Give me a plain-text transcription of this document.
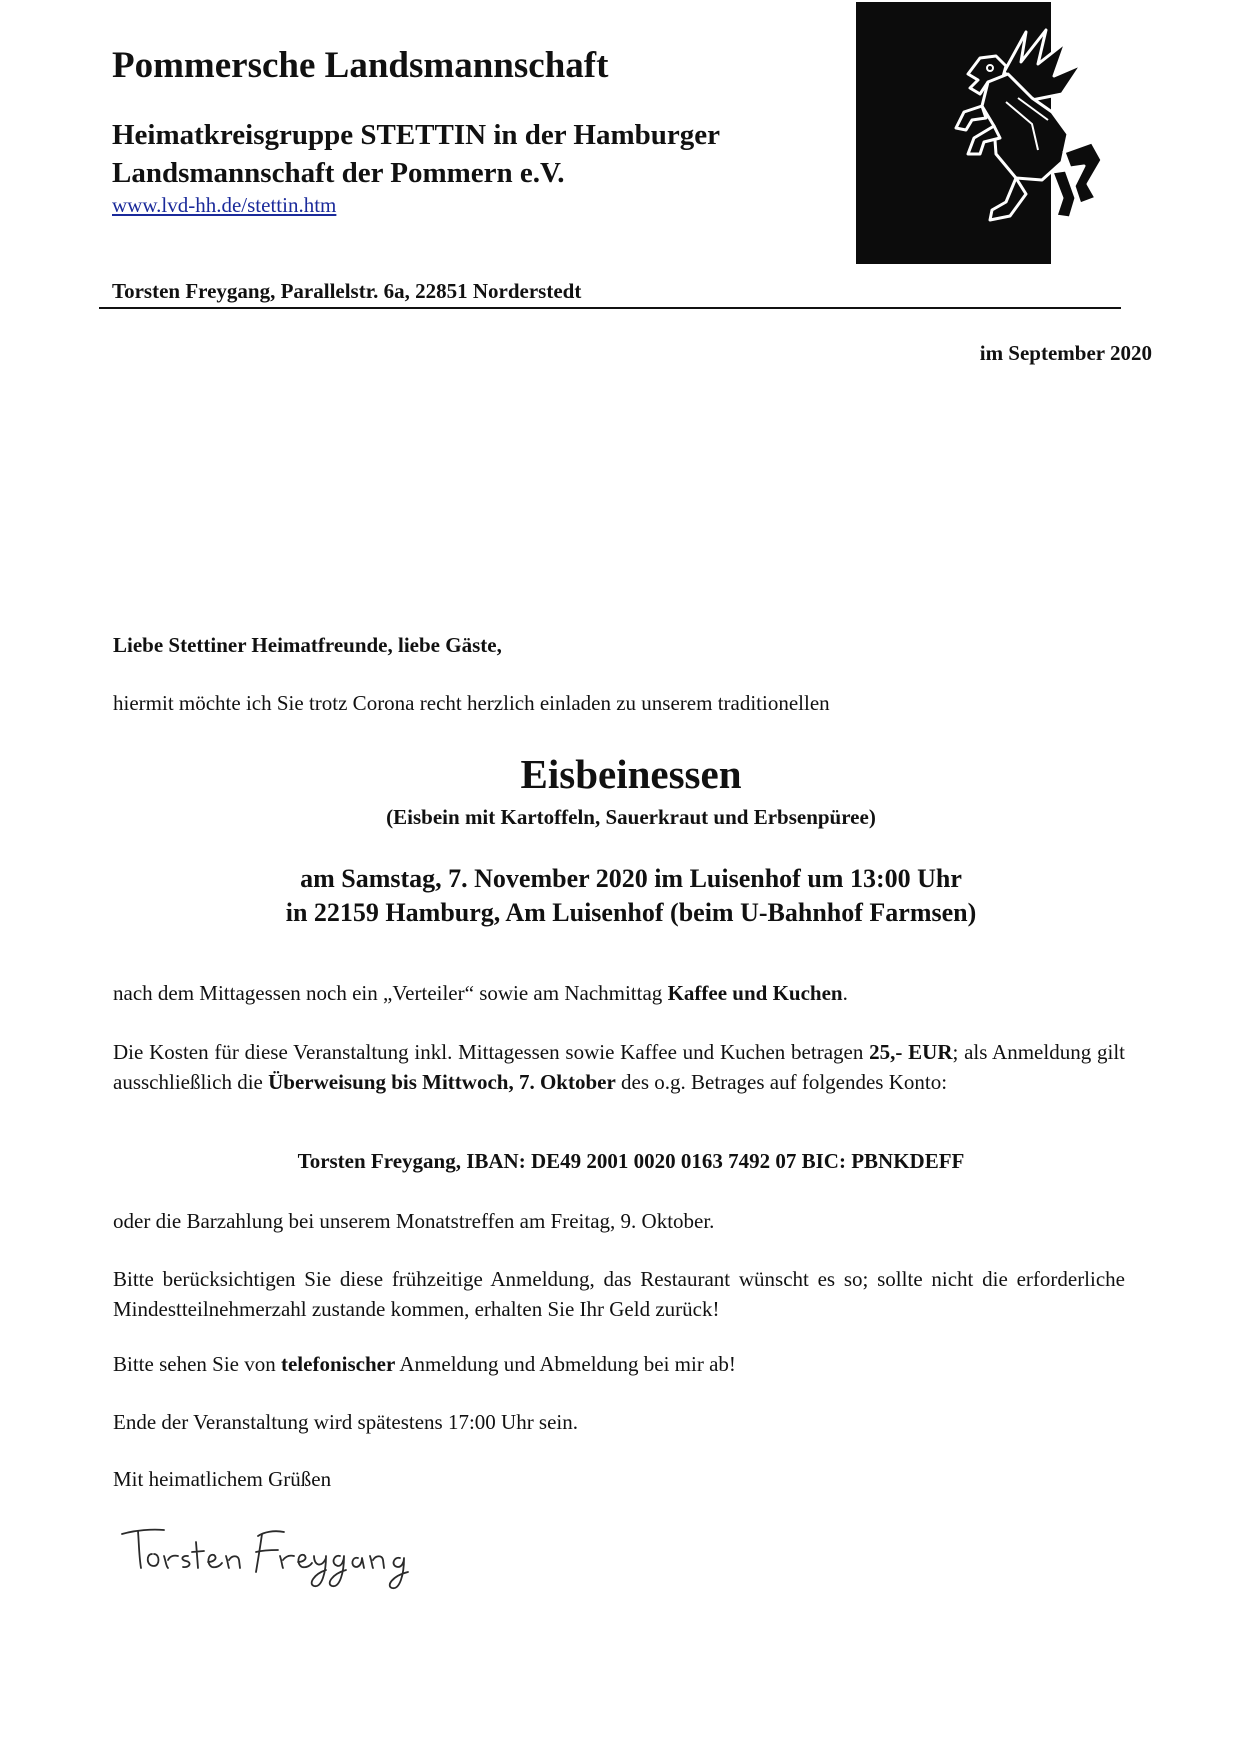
Pommersche Landsmannschaft
Heimatkreisgruppe STETTIN in der Hamburger Landsmannschaft der Pommern e.V.
www.lvd-hh.de/stettin.htm
Torsten Freygang, Parallelstr. 6a, 22851 Norderstedt
im September 2020
Liebe Stettiner Heimatfreunde, liebe Gäste,
hiermit möchte ich Sie trotz Corona recht herzlich einladen zu unserem traditionellen
Eisbeinessen
(Eisbein mit Kartoffeln, Sauerkraut und Erbsenpüree)
am Samstag, 7. November 2020 im Luisenhof um 13:00 Uhr
in 22159 Hamburg, Am Luisenhof (beim U-Bahnhof Farmsen)

nach dem Mittagessen noch ein „Verteiler“ sowie am Nachmittag Kaffee und Kuchen.

Die Kosten für diese Veranstaltung inkl. Mittagessen sowie Kaffee und Kuchen betragen 25,- EUR; als Anmeldung gilt ausschließlich die Überweisung bis Mittwoch, 7. Oktober des o.g. Betrages auf folgendes Konto:

Torsten Freygang, IBAN: DE49 2001 0020 0163 7492 07 BIC: PBNKDEFF

oder die Barzahlung bei unserem Monatstreffen am Freitag, 9. Oktober.

Bitte berücksichtigen Sie diese frühzeitige Anmeldung, das Restaurant wünscht es so; sollte nicht die erforderliche Mindestteilnehmerzahl zustande kommen, erhalten Sie Ihr Geld zurück!

Bitte sehen Sie von telefonischer Anmeldung und Abmeldung bei mir ab!

Ende der Veranstaltung wird spätestens 17:00 Uhr sein.

Mit heimatlichem Grüßen
